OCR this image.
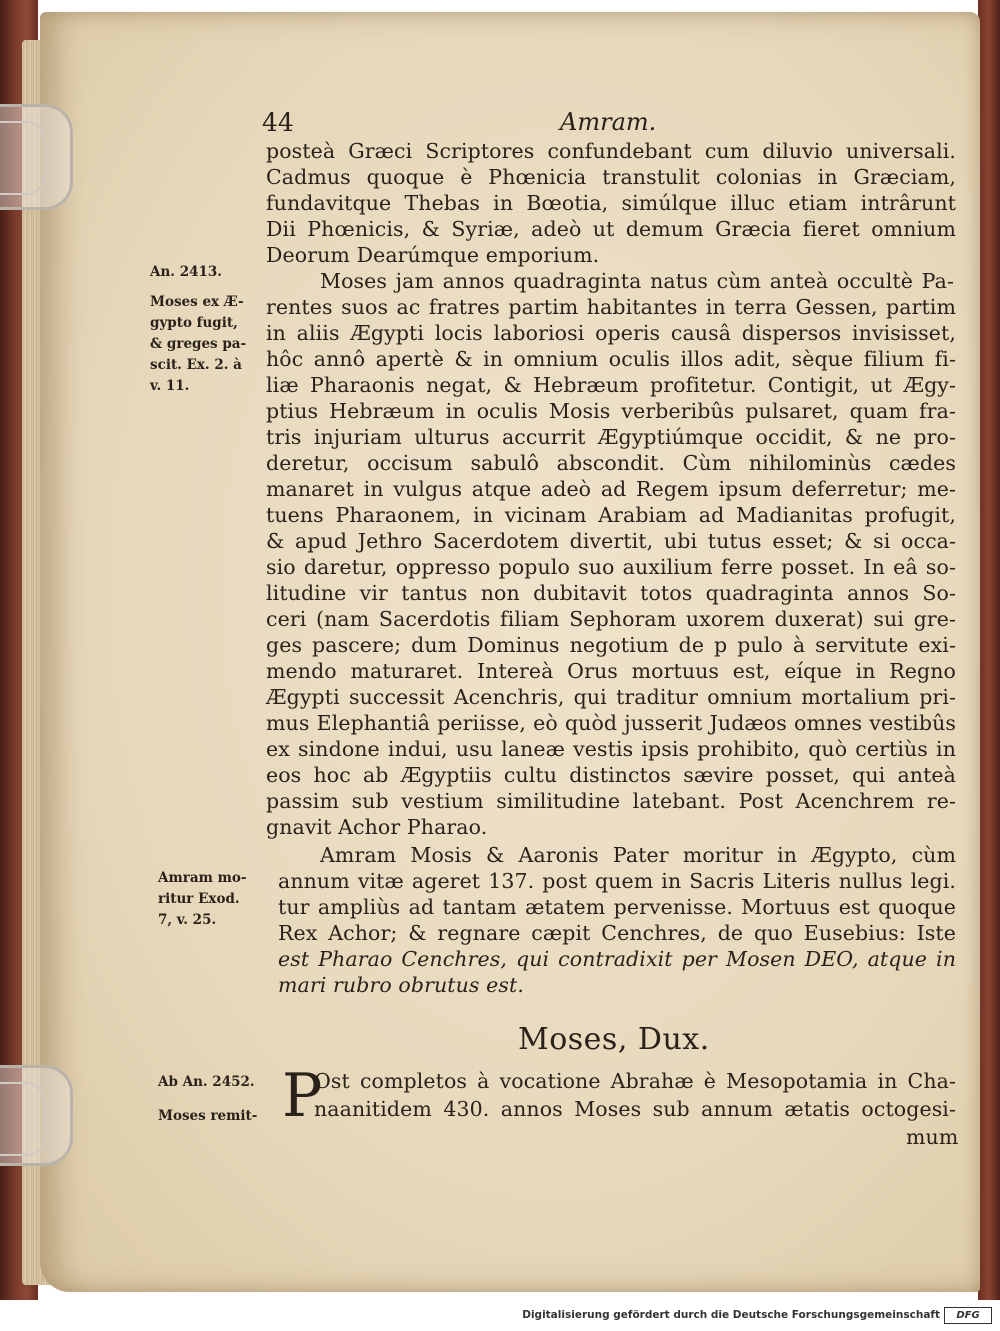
44	Amram.
posteà Græci Scriptores confundebant cum diluvio universali.
Cadmus quoque è Phœnicia transtulit colonias in Græciam,
fundavitque Thebas in Bœotia, simúlque illuc etiam intrârunt
Dii Phœnicis, & Syriæ, adeò ut demum Græcia fieret omnium
Deorum Dearúmque emporium.
Moses jam annos quadraginta natus cùm anteà occultè Pa-
rentes suos ac fratres partim habitantes in terra Gessen, partim
in aliis Ægypti locis laboriosi operis causâ dispersos invisisset,
hôc annô apertè & in omnium oculis illos adit, sèque filium fi-
liæ Pharaonis negat, & Hebræum profitetur. Contigit, ut Ægy-
ptius Hebræum in oculis Mosis verberibûs pulsaret, quam fra-
tris injuriam ulturus accurrit Ægyptiúmque occidit, & ne pro-
deretur, occisum sabulô abscondit. Cùm nihilominùs cædes
manaret in vulgus atque adeò ad Regem ipsum deferretur; me-
tuens Pharaonem, in vicinam Arabiam ad Madianitas profugit,
& apud Jethro Sacerdotem divertit, ubi tutus esset; & si occa-
sio daretur, oppresso populo suo auxilium ferre posset. In eâ so-
litudine vir tantus non dubitavit totos quadraginta annos So-
ceri (nam Sacerdotis filiam Sephoram uxorem duxerat) sui gre-
ges pascere; dum Dominus negotium de p pulo à servitute exi-
mendo maturaret. Intereà Orus mortuus est, eíque in Regno
Ægypti successit Acenchris, qui traditur omnium mortalium pri-
mus Elephantiâ periisse, eò quòd jusserit Judæos omnes vestibûs
ex sindone indui, usu laneæ vestis ipsis prohibito, quò certiùs in
eos hoc ab Ægyptiis cultu distinctos sævire posset, qui anteà
passim sub vestium similitudine latebant. Post Acenchrem re-
gnavit Achor Pharao.
Amram Mosis & Aaronis Pater moritur in Ægypto, cùm
annum vitæ ageret 137. post quem in Sacris Literis nullus legi.
tur ampliùs ad tantam ætatem pervenisse. Mortuus est quoque
Rex Achor; & regnare cæpit Cenchres, de quo Eusebius: Iste
est Pharao Cenchres, qui contradixit per Mosen DEO, atque in
mari rubro obrutus est.
Moses, Dux.
P
Ost completos à vocatione Abrahæ è Mesopotamia in Cha-
naanitidem 430. annos Moses sub annum ætatis octogesi-
mum
An. 2413.
Moses ex Æ-
gypto fugit,
& greges pa-
scit. Ex. 2. à
v. 11.
Amram mo-
ritur Exod.
7, v. 25.
Ab An. 2452.
Moses remit-
Digitalisierung gefördert durch die Deutsche Forschungsgemeinschaft	DFG
